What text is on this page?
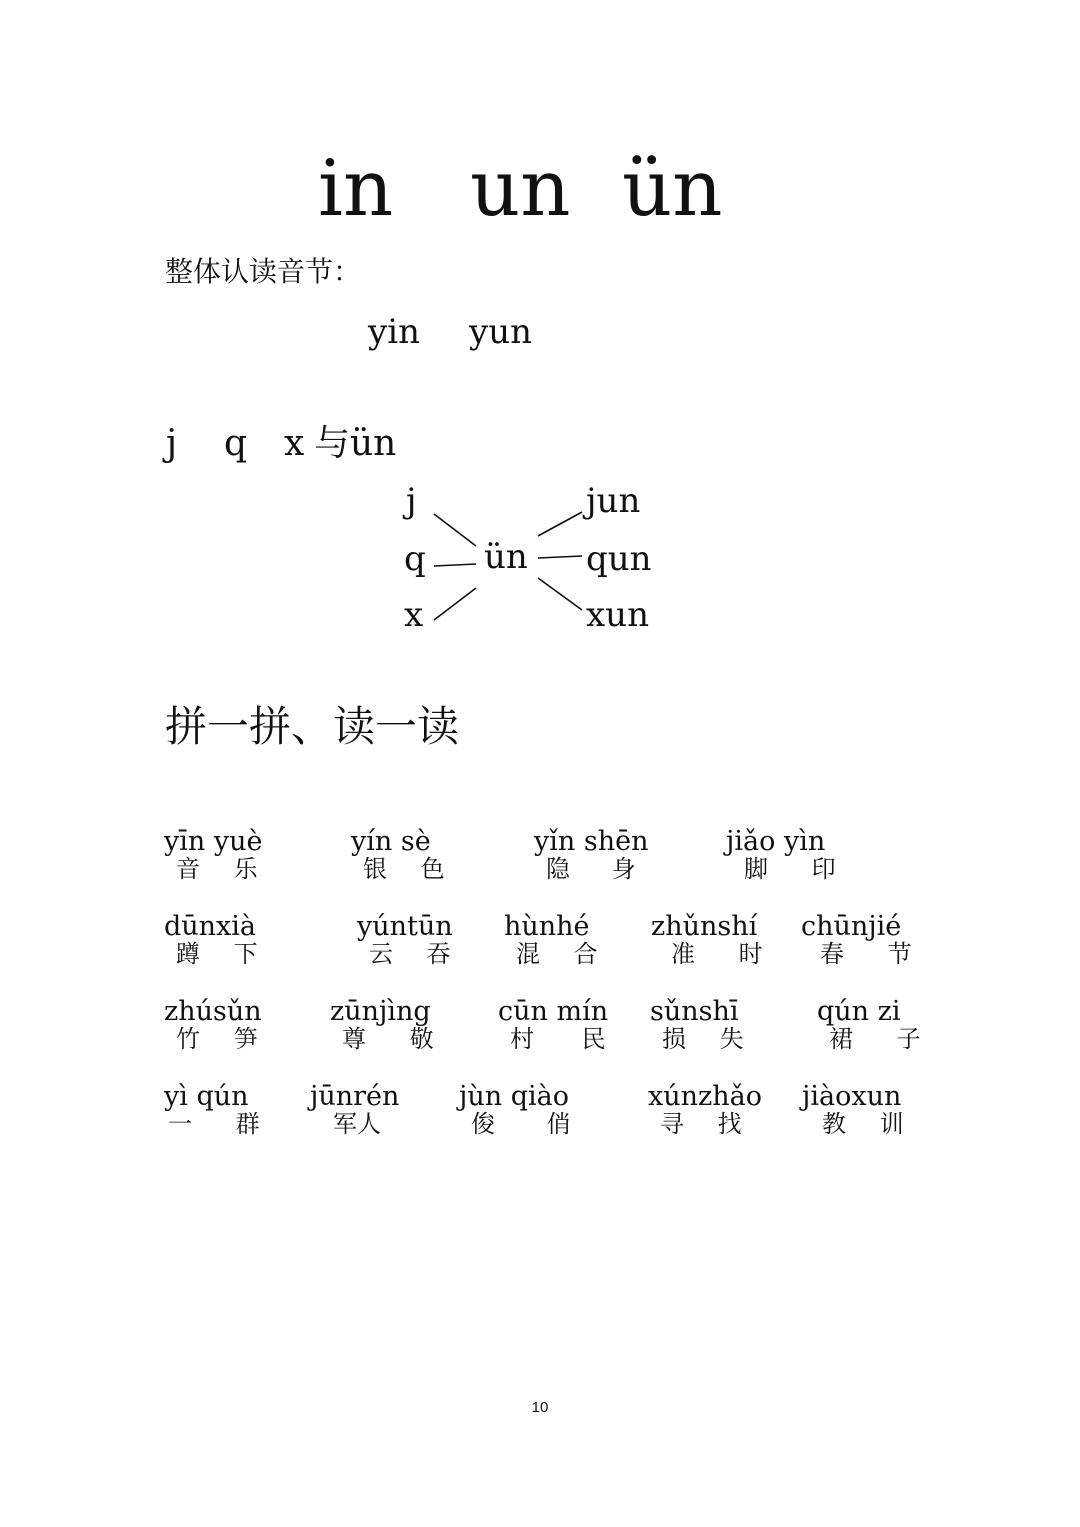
in un ün
整体认读音节：
yin yun
j q x 与ün
j
q
x
ün
jun
qun
xun
拼一拼、读一读
yīn yuè
音 乐
yín sè
银 色
yǐn shēn
隐 身
jiǎo yìn
脚 印
dūnxià
蹲 下
yúntūn
云 吞
hùnhé
混 合
zhǔnshí
准 时
chūnjié
春 节
zhúsǔn
竹 笋
zūnjìng
尊 敬
cūn mín
村 民
sǔnshī
损 失
qún zi
裙 子
yì qún
一 群
jūnrén
军人
jùn qiào
俊 俏
xúnzhǎo
寻 找
jiàoxun
教 训
10
